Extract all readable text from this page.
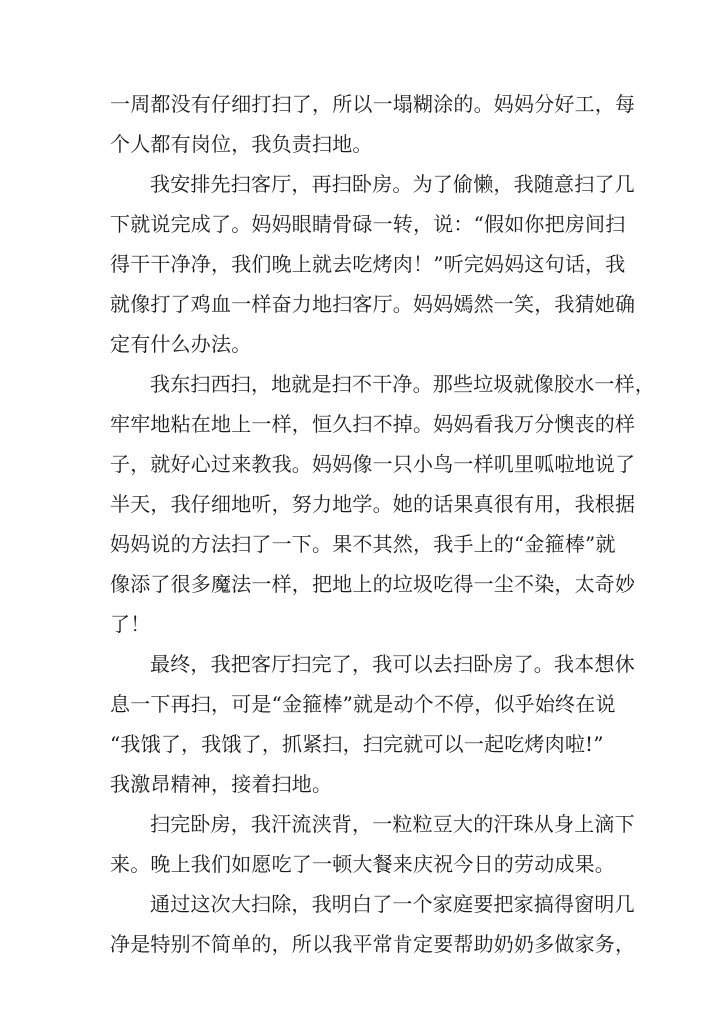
一周都没有仔细打扫了，所以一塌糊涂的。妈妈分好工，每
个人都有岗位，我负责扫地。
我安排先扫客厅，再扫卧房。为了偷懒，我随意扫了几
下就说完成了。妈妈眼睛骨碌一转，说：“假如你把房间扫
得干干净净，我们晚上就去吃烤肉！”听完妈妈这句话，我
就像打了鸡血一样奋力地扫客厅。妈妈嫣然一笑，我猜她确
定有什么办法。
我东扫西扫，地就是扫不干净。那些垃圾就像胶水一样，
牢牢地粘在地上一样，恒久扫不掉。妈妈看我万分懊丧的样
子，就好心过来教我。妈妈像一只小鸟一样叽里呱啦地说了
半天，我仔细地听，努力地学。她的话果真很有用，我根据
妈妈说的方法扫了一下。果不其然，我手上的“金箍棒”就
像添了很多魔法一样，把地上的垃圾吃得一尘不染，太奇妙
了！
最终，我把客厅扫完了，我可以去扫卧房了。我本想休
息一下再扫，可是“金箍棒”就是动个不停，似乎始终在说
“我饿了，我饿了，抓紧扫，扫完就可以一起吃烤肉啦!”
我激昂精神，接着扫地。
扫完卧房，我汗流浃背，一粒粒豆大的汗珠从身上滴下
来。晚上我们如愿吃了一顿大餐来庆祝今日的劳动成果。
通过这次大扫除，我明白了一个家庭要把家搞得窗明几
净是特别不简单的，所以我平常肯定要帮助奶奶多做家务，
